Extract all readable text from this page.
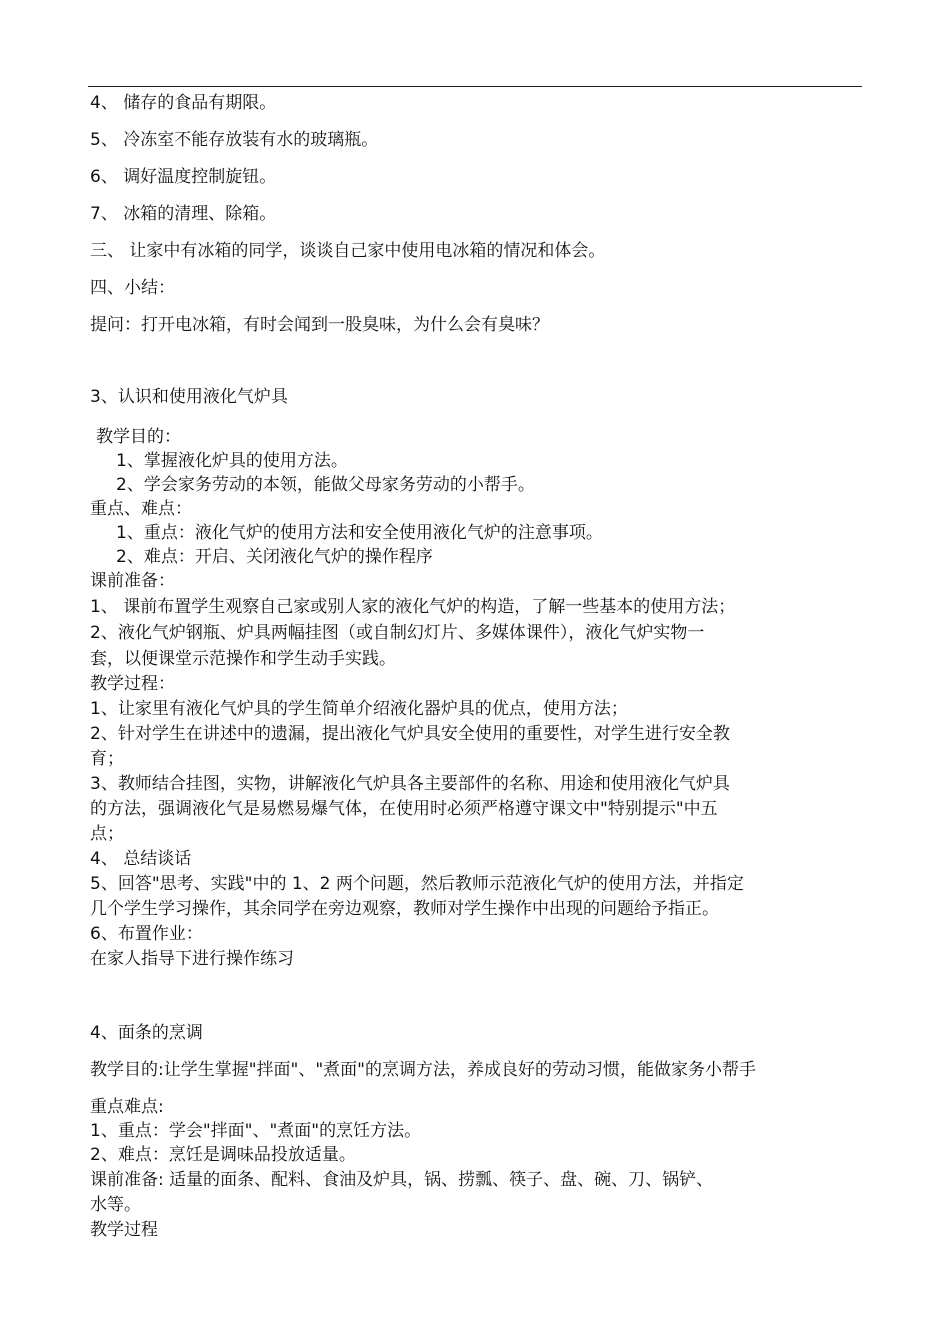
4、 储存的食品有期限。
5、 冷冻室不能存放装有水的玻璃瓶。
6、 调好温度控制旋钮。
7、 冰箱的清理、除箱。
三、 让家中有冰箱的同学，谈谈自己家中使用电冰箱的情况和体会。
四、小结：
提问：打开电冰箱，有时会闻到一股臭味，为什么会有臭味？
3、认识和使用液化气炉具
教学目的：
1、掌握液化炉具的使用方法。
2、学会家务劳动的本领，能做父母家务劳动的小帮手。
重点、难点：
1、重点：液化气炉的使用方法和安全使用液化气炉的注意事项。
2、难点：开启、关闭液化气炉的操作程序
课前准备：
1、 课前布置学生观察自己家或别人家的液化气炉的构造，了解一些基本的使用方法；
2、液化气炉钢瓶、炉具两幅挂图（或自制幻灯片、多媒体课件），液化气炉实物一
套，以便课堂示范操作和学生动手实践。
教学过程：
1、让家里有液化气炉具的学生简单介绍液化器炉具的优点，使用方法；
2、针对学生在讲述中的遗漏，提出液化气炉具安全使用的重要性，对学生进行安全教
育；
3、教师结合挂图，实物，讲解液化气炉具各主要部件的名称、用途和使用液化气炉具
的方法，强调液化气是易燃易爆气体，在使用时必须严格遵守课文中"特别提示"中五
点；
4、 总结谈话
5、回答"思考、实践"中的 1、2 两个问题，然后教师示范液化气炉的使用方法，并指定
几个学生学习操作，其余同学在旁边观察，教师对学生操作中出现的问题给予指正。
6、布置作业：
在家人指导下进行操作练习
4、面条的烹调
教学目的:让学生掌握"拌面"、"煮面"的烹调方法，养成良好的劳动习惯，能做家务小帮手
重点难点:
1、重点：学会"拌面"、"煮面"的烹饪方法。
2、难点：烹饪是调味品投放适量。
课前准备: 适量的面条、配料、食油及炉具，锅、捞瓢、筷子、盘、碗、刀、锅铲、
水等。
教学过程
